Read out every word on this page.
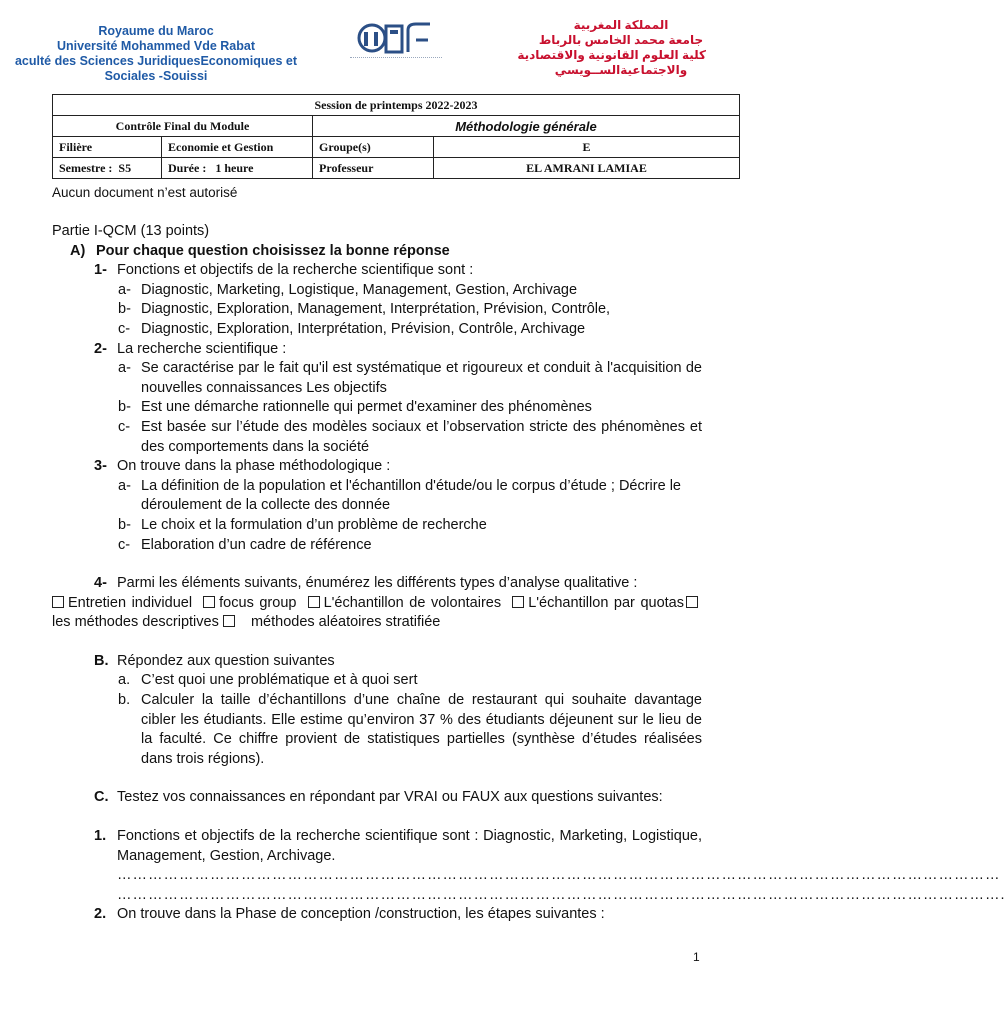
Royaume du Maroc
Université Mohammed Vde Rabat
aculté des Sciences JuridiquesEconomiques et
Sociales -Souissi
المملكة المغربية
جامعة محمد الخامس بالرباط
كلية العلوم القانونية والاقتصادية
والاجتماعيةالســويسي
Session de printemps 2022-2023			
Contrôle Final du Module		Méthodologie générale	
Filière	Economie et Gestion	Groupe(s)	E
Semestre : S5	Durée : 1 heure	Professeur	EL AMRANI LAMIAE
Aucun document n’est autorisé
Partie I-QCM (13 points)
A) Pour chaque question choisissez la bonne réponse
1- Fonctions et objectifs de la recherche scientifique sont :
a- Diagnostic, Marketing, Logistique, Management, Gestion, Archivage
b- Diagnostic, Exploration, Management, Interprétation, Prévision, Contrôle,
c- Diagnostic, Exploration, Interprétation, Prévision, Contrôle, Archivage
2- La recherche scientifique :
a- Se caractérise par le fait qu'il est systématique et rigoureux et conduit à l'acquisition de nouvelles connaissances Les objectifs
b- Est une démarche rationnelle qui permet d'examiner des phénomènes
c- Est basée sur l’étude des modèles sociaux et l’observation stricte des phénomènes et des comportements dans la société
3- On trouve dans la phase méthodologique :
a- La définition de la population et l'échantillon d'étude/ou le corpus d’étude ; Décrire le déroulement de la collecte des donnée
b- Le choix et la formulation d’un problème de recherche
c- Elaboration d’un cadre de référence
4- Parmi les éléments suivants, énumérez les différents types d’analyse qualitative :
Entretien individuel focus group L'échantillon de volontaires L'échantillon par quotas les méthodes descriptives méthodes aléatoires stratifiée
B. Répondez aux question suivantes
a. C’est quoi une problématique et à quoi sert
b. Calculer la taille d’échantillons d’une chaîne de restaurant qui souhaite davantage cibler les étudiants. Elle estime qu’environ 37 % des étudiants déjeunent sur le lieu de la faculté. Ce chiffre provient de statistiques partielles (synthèse d’études réalisées dans trois régions).
C. Testez vos connaissances en répondant par VRAI ou FAUX aux questions suivantes:
1. Fonctions et objectifs de la recherche scientifique sont : Diagnostic, Marketing, Logistique, Management, Gestion, Archivage.
………………………………………………………………………………………………………………………………………………………
……………………………………………………………………………………………………………………………………………………….
2. On trouve dans la Phase de conception /construction, les étapes suivantes :
1
